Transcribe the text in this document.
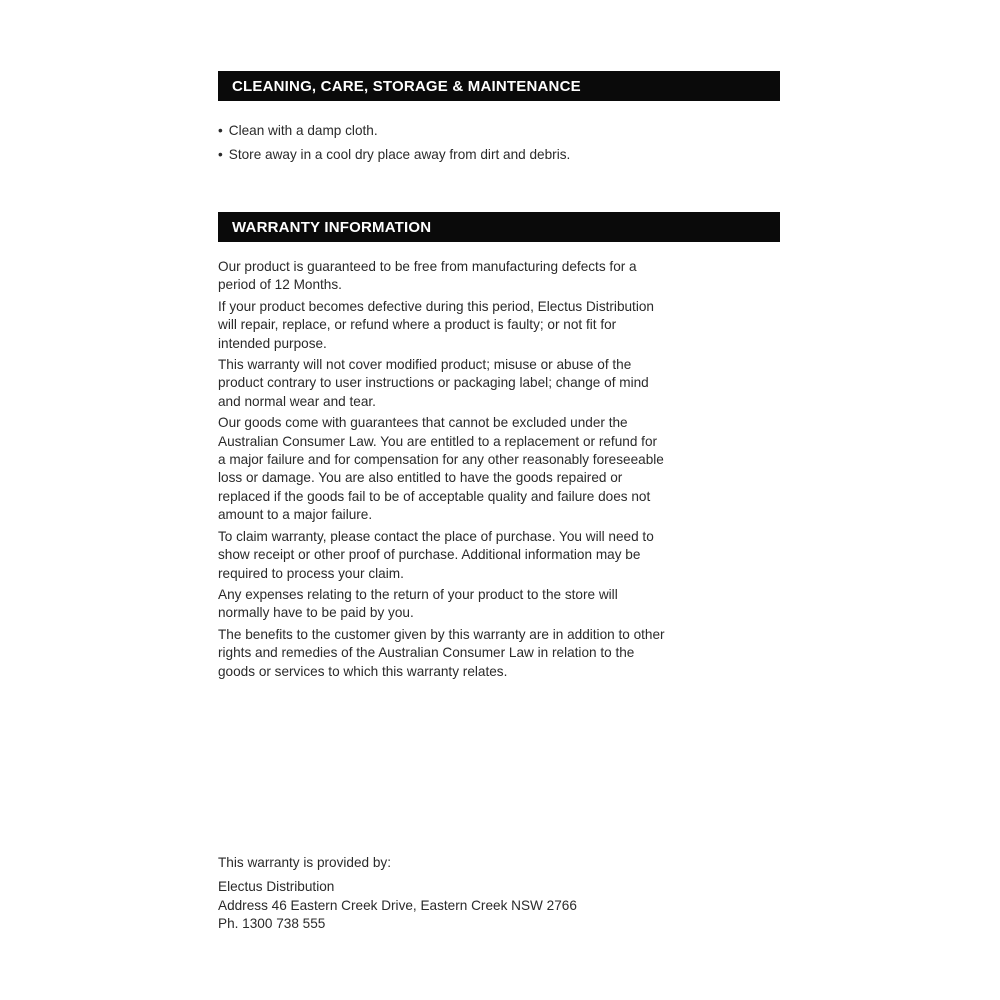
CLEANING, CARE, STORAGE & MAINTENANCE
• Clean with a damp cloth.
• Store away in a cool dry place away from dirt and debris.
WARRANTY INFORMATION

Our product is guaranteed to be free from manufacturing defects for a
period of 12 Months.

If your product becomes defective during this period, Electus Distribution
will repair, replace, or refund where a product is faulty; or not fit for
intended purpose.

This warranty will not cover modified product; misuse or abuse of the
product contrary to user instructions or packaging label; change of mind
and normal wear and tear.

Our goods come with guarantees that cannot be excluded under the
Australian Consumer Law. You are entitled to a replacement or refund for
a major failure and for compensation for any other reasonably foreseeable
loss or damage. You are also entitled to have the goods repaired or
replaced if the goods fail to be of acceptable quality and failure does not
amount to a major failure.

To claim warranty, please contact the place of purchase. You will need to
show receipt or other proof of purchase. Additional information may be
required to process your claim.

Any expenses relating to the return of your product to the store will
normally have to be paid by you.

The benefits to the customer given by this warranty are in addition to other
rights and remedies of the Australian Consumer Law in relation to the
goods or services to which this warranty relates.

This warranty is provided by:
Electus Distribution
Address 46 Eastern Creek Drive, Eastern Creek NSW 2766
Ph. 1300 738 555
